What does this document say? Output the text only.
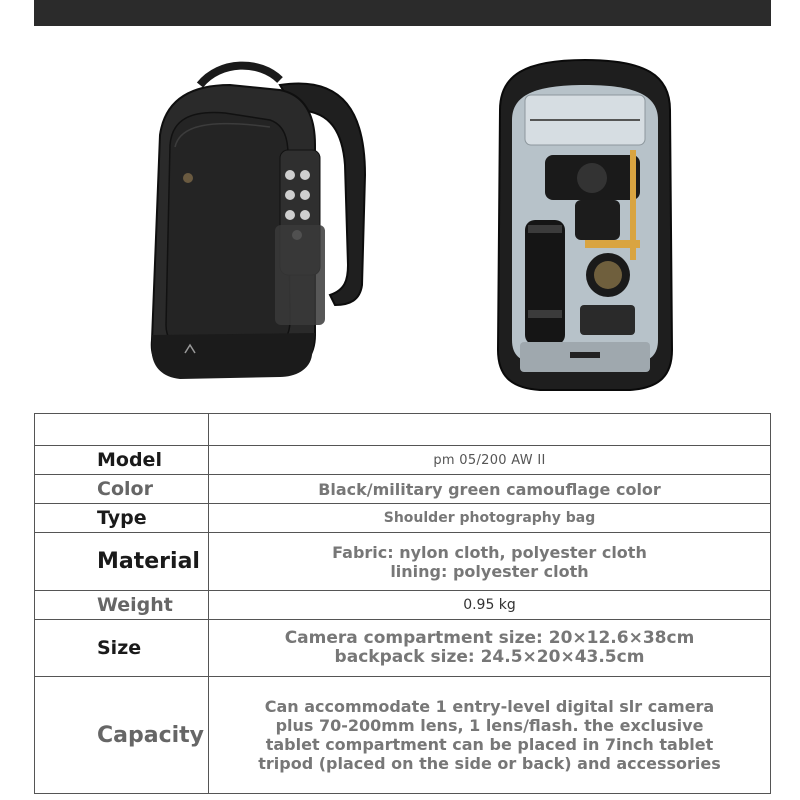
Model	pm 05/200 AW II
Color	Black/military green camouflage color
Type	Shoulder photography bag
Material	Fabric: nylon cloth, polyester cloth
lining: polyester cloth

Weight	0.95 kg
Size	Camera compartment size: 20×12.6×38cm
backpack size: 24.5×20×43.5cm

Capacity	Can accommodate 1 entry-level digital slr camera
plus 70-200mm lens, 1 lens/flash. the exclusive
tablet compartment can be placed in 7inch tablet
tripod (placed on the side or back) and accessories
